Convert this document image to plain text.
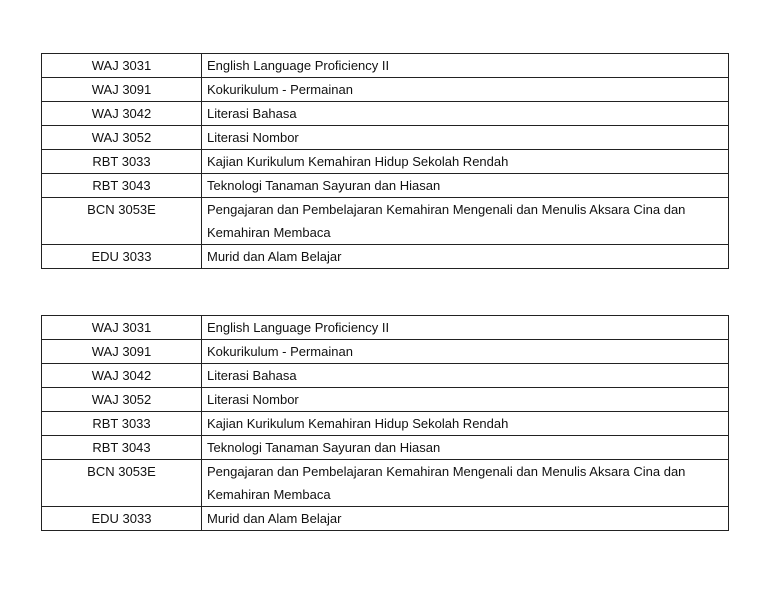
WAJ 3031	English Language Proficiency II
WAJ 3091	Kokurikulum - Permainan
WAJ 3042	Literasi Bahasa
WAJ 3052	Literasi Nombor
RBT 3033	Kajian Kurikulum Kemahiran Hidup Sekolah Rendah
RBT 3043	Teknologi Tanaman Sayuran dan Hiasan
BCN 3053E	Pengajaran dan Pembelajaran Kemahiran Mengenali dan Menulis Aksara Cina dan Kemahiran Membaca
EDU 3033	Murid dan Alam Belajar
WAJ 3031	English Language Proficiency II
WAJ 3091	Kokurikulum - Permainan
WAJ 3042	Literasi Bahasa
WAJ 3052	Literasi Nombor
RBT 3033	Kajian Kurikulum Kemahiran Hidup Sekolah Rendah
RBT 3043	Teknologi Tanaman Sayuran dan Hiasan
BCN 3053E	Pengajaran dan Pembelajaran Kemahiran Mengenali dan Menulis Aksara Cina dan Kemahiran Membaca
EDU 3033	Murid dan Alam Belajar
